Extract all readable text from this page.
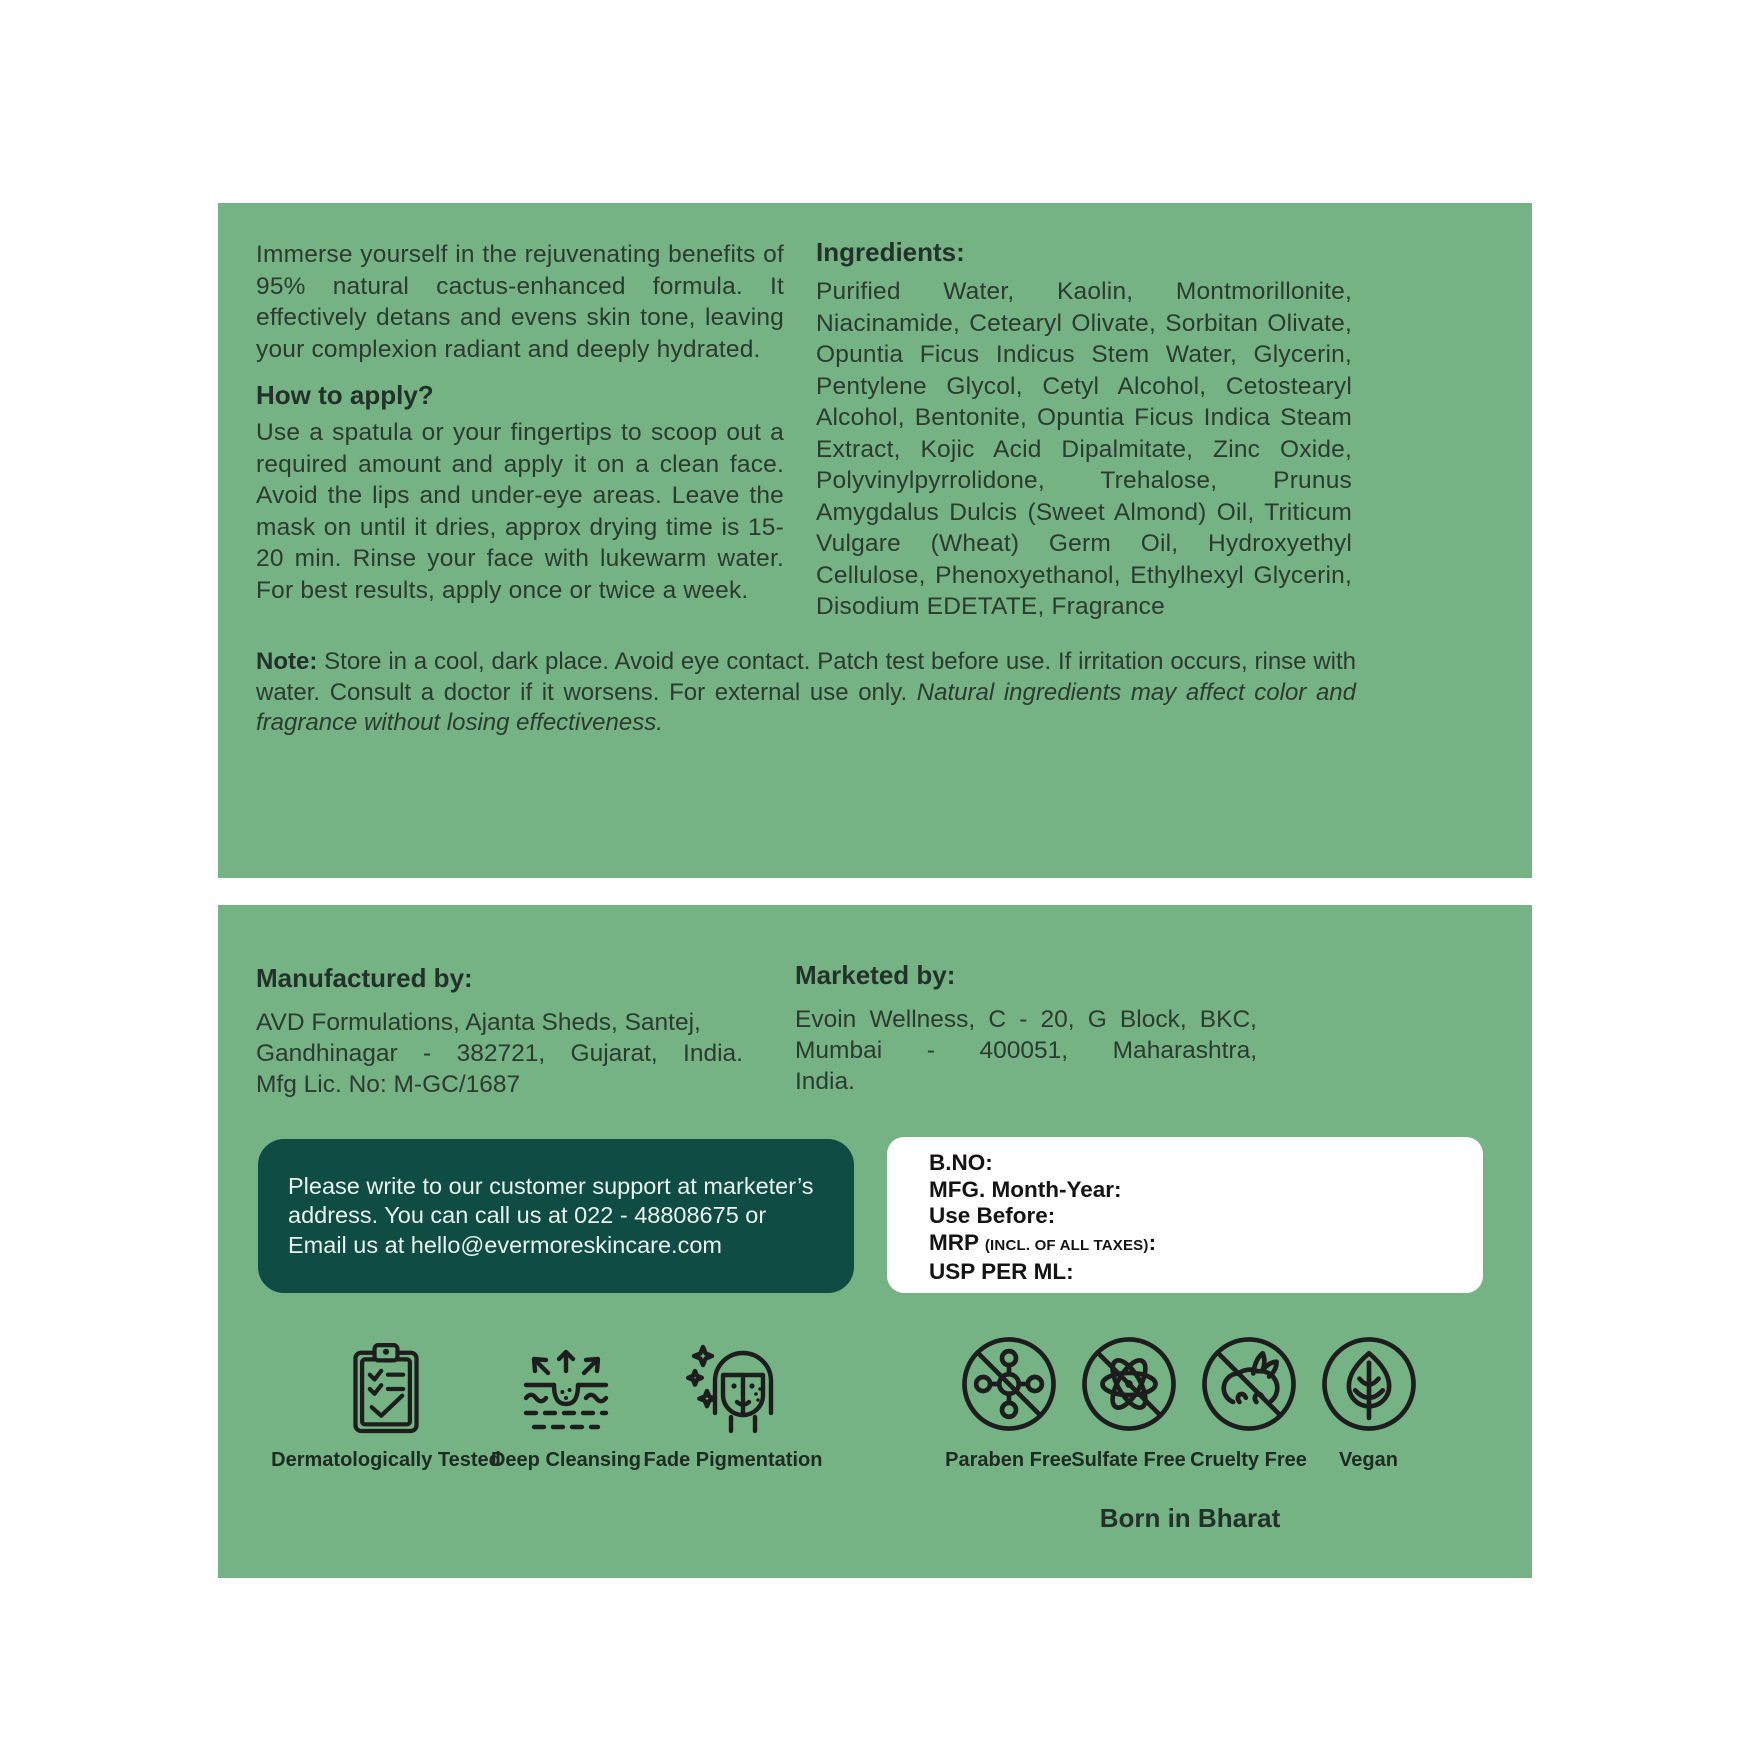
Immerse yourself in the rejuvenating benefits of 95% natural cactus-enhanced formula. It effectively detans and evens skin tone, leaving your complexion radiant and deeply hydrated.

How to apply?

Use a spatula or your fingertips to scoop out a required amount and apply it on a clean face. Avoid the lips and under-eye areas. Leave the mask on until it dries, approx drying time is 15-20 min. Rinse your face with lukewarm water. For best results, apply once or twice a week.

Ingredients:

Purified Water, Kaolin, Montmorillonite, Niacinamide, Cetearyl Olivate, Sorbitan Olivate, Opuntia Ficus Indicus Stem Water, Glycerin, Pentylene Glycol, Cetyl Alcohol, Cetostearyl Alcohol, Bentonite, Opuntia Ficus Indica Steam Extract, Kojic Acid Dipalmitate, Zinc Oxide, Polyvinylpyrrolidone, Trehalose, Prunus Amygdalus Dulcis (Sweet Almond) Oil, Triticum Vulgare (Wheat) Germ Oil, Hydroxyethyl Cellulose, Phenoxyethanol, Ethylhexyl Glycerin, Disodium EDETATE, Fragrance

Note: Store in a cool, dark place. Avoid eye contact. Patch test before use. If irritation occurs, rinse with water. Consult a doctor if it worsens. For external use only. Natural ingredients may affect color and fragrance without losing effectiveness.

Manufactured by:
AVD Formulations, Ajanta Sheds, Santej,
Gandhinagar - 382721, Gujarat, India.
Mfg Lic. No: M-GC/1687
Marketed by:
Evoin Wellness, C - 20, G Block, BKC,
Mumbai - 400051, Maharashtra,
India.

Please write to our customer support at marketer’s address. You can call us at 022 - 48808675 or Email us at hello@evermoreskincare.com

B.NO:
MFG. Month-Year:
Use Before:
MRP (INCL. OF ALL TAXES):
USP PER ML:
Dermatologically Tested
Deep Cleansing Fade Pigmentation	Paraben Free Sulfate Free Cruelty Free Vegan
Born in Bharat
